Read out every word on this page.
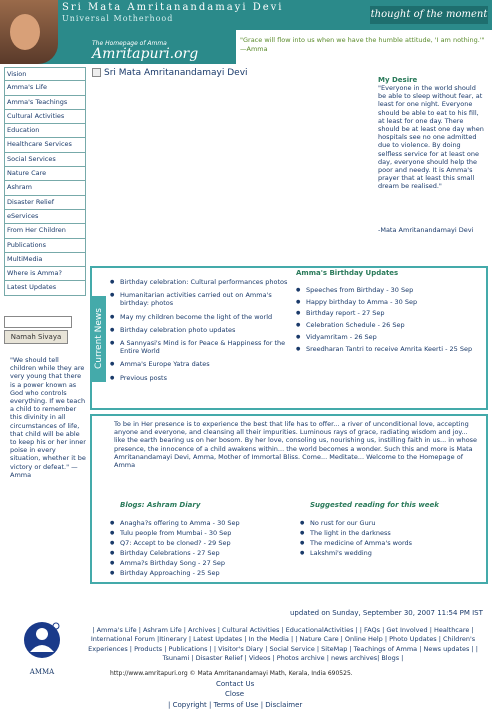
Sri Mata Amritanandamayi Devi
Universal Motherhood
The Homepage of Amma
Amritapuri.org
thought of the moment
"Grace will flow into us when we have the humble attitude, 'I am nothing.'" —Amma
Vision
Amma's Life
Amma's Teachings
Cultural Activities
Education
Healthcare Services
Social Services
Nature Care
Ashram
Disaster Relief
eServices
From Her Children
Publications
MultiMedia
Where is Amma?
Latest Updates
Namah Sivaya
"We should tell children while they are very young that there is a power known as God who controls everything. If we teach a child to remember this divinity in all circumstances of life, that child will be able to keep his or her inner poise in every situation, whether it be victory or defeat." —Amma
Sri Mata Amritanandamayi Devi
My Desire
"Everyone in the world should be able to sleep without fear, at least for one night. Everyone should be able to eat to his fill, at least for one day. There should be at least one day when hospitals see no one admitted due to violence. By doing selfless service for at least one day, everyone should help the poor and needy. It is Amma's prayer that at least this small dream be realised."
-Mata Amritanandamayi Devi
Current News
● Birthday celebration: Cultural performances photos
● Humanitarian activities carried out on Amma's birthday: photos
● May my children become the light of the world
● Birthday celebration photo updates
● A Sannyasi's Mind is for Peace & Happiness for the Entire World
● Amma's Europe Yatra dates
● Previous posts
Amma's Birthday Updates
● Speeches from Birthday - 30 Sep
● Happy birthday to Amma - 30 Sep
● Birthday report - 27 Sep
● Celebration Schedule - 26 Sep
● Vidyamritam - 26 Sep
● Sreedharan Tantri to receive Amrita Keerti - 25 Sep
To be in Her presence is to experience the best that life has to offer... a river of unconditional love, accepting anyone and everyone, and cleansing all their impurities. Luminous rays of grace, radiating wisdom and joy... like the earth bearing us on her bosom. By her love, consoling us, nourishing us, instilling faith in us... in whose presence, the innocence of a child awakens within... the world becomes a wonder. Such this and more is Mata Amritanandamayi Devi, Amma, Mother of Immortal Bliss. Come... Meditate... Welcome to the Homepage of Amma
Blogs: Ashram Diary	Suggested reading for this week
● Anagha?s offering to Amma - 30 Sep
● Tulu people from Mumbai - 30 Sep
● Q7: Accept to be cloned? - 29 Sep
● Birthday Celebrations - 27 Sep
● Amma?s Birthday Song - 27 Sep
● Birthday Approaching - 25 Sep
● No rust for our Guru
● The light in the darkness
● The medicine of Amma's words
● Lakshmi's wedding
updated on Sunday, September 30, 2007 11:54 PM IST
AMMA
| Amma's Life | Ashram Life | Archives | Cultural Activities | EducationalActivities | | FAQs | Get Involved | Healthcare | International Forum |Itinerary | Latest Updates | In the Media | | Nature Care | Online Help | Photo Updates | Children's Experiences | Products | Publications | | Visitor's Diary | Social Service | SiteMap | Teachings of Amma | News updates | | Tsunami | Disaster Relief | Videos | Photos archive | news archives| Blogs |
http://www.amritapuri.org © Mata Amritanandamayi Math, Kerala, India 690525.
Contact Us
Close
| Copyright | Terms of Use | Disclaimer
